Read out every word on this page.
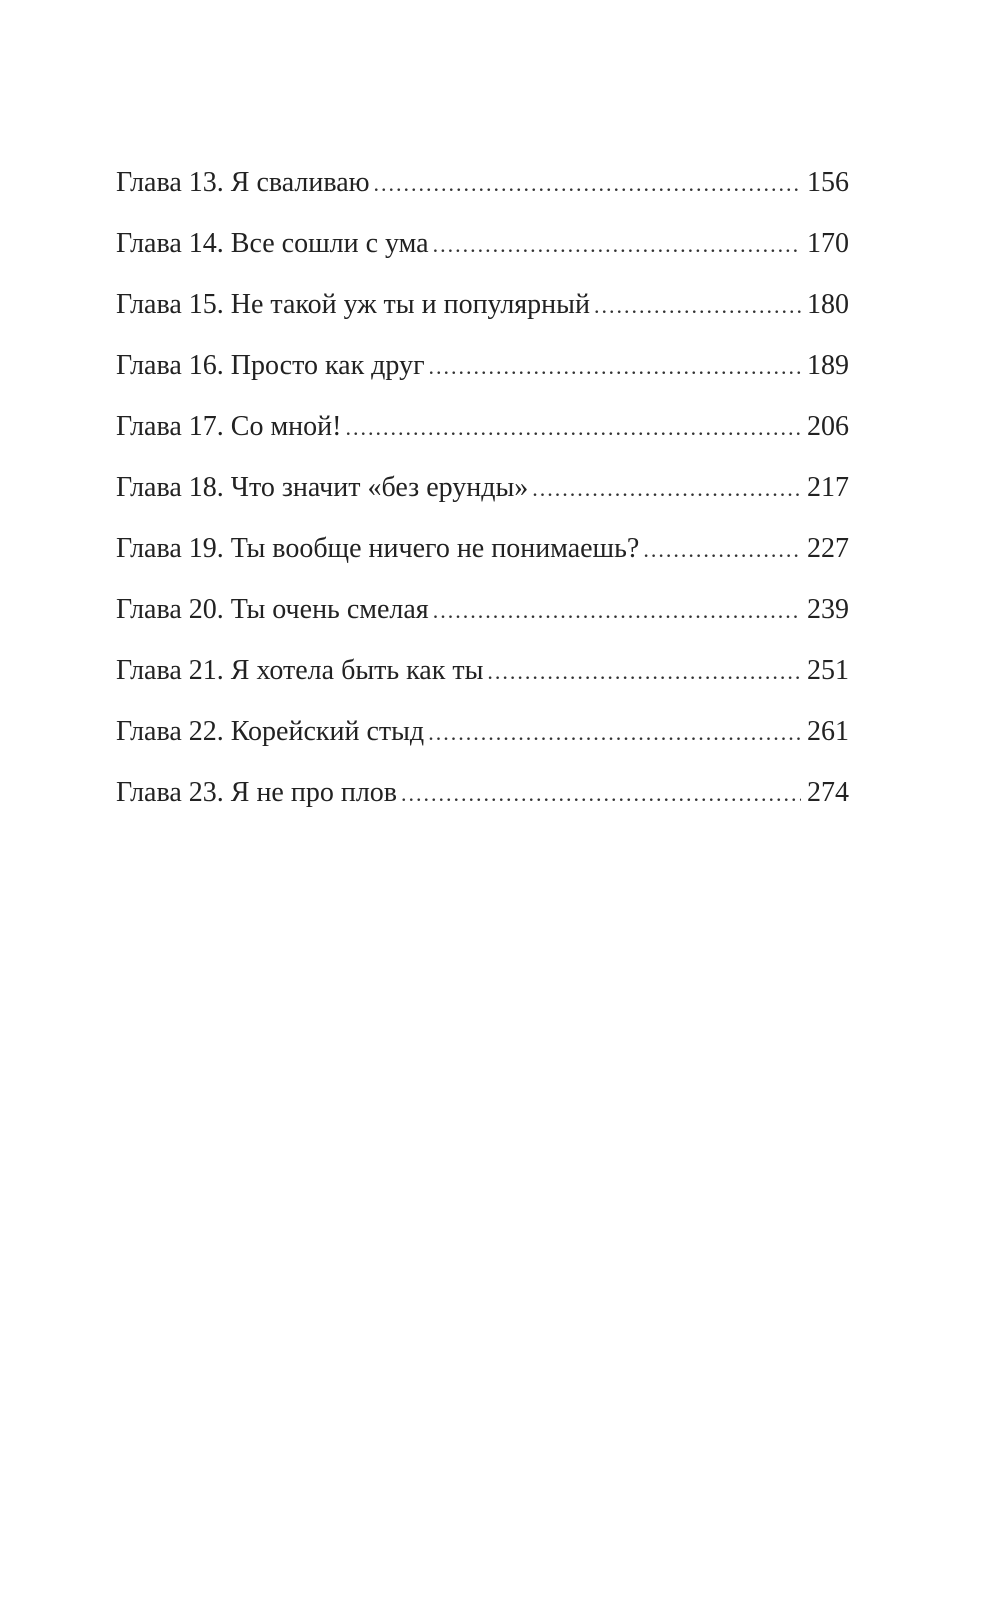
Глава 13. Я сваливаю .....	156
Глава 14. Все сошли с ума .....	170
Глава 15. Не такой уж ты и популярный .....	180
Глава 16. Просто как друг .....	189
Глава 17. Со мной! .....	206
Глава 18. Что значит «без ерунды» .....	217
Глава 19. Ты вообще ничего не понимаешь? .....	227
Глава 20. Ты очень смелая .....	239
Глава 21. Я хотела быть как ты .....	251
Глава 22. Корейский стыд .....	261
Глава 23. Я не про плов .....	274
